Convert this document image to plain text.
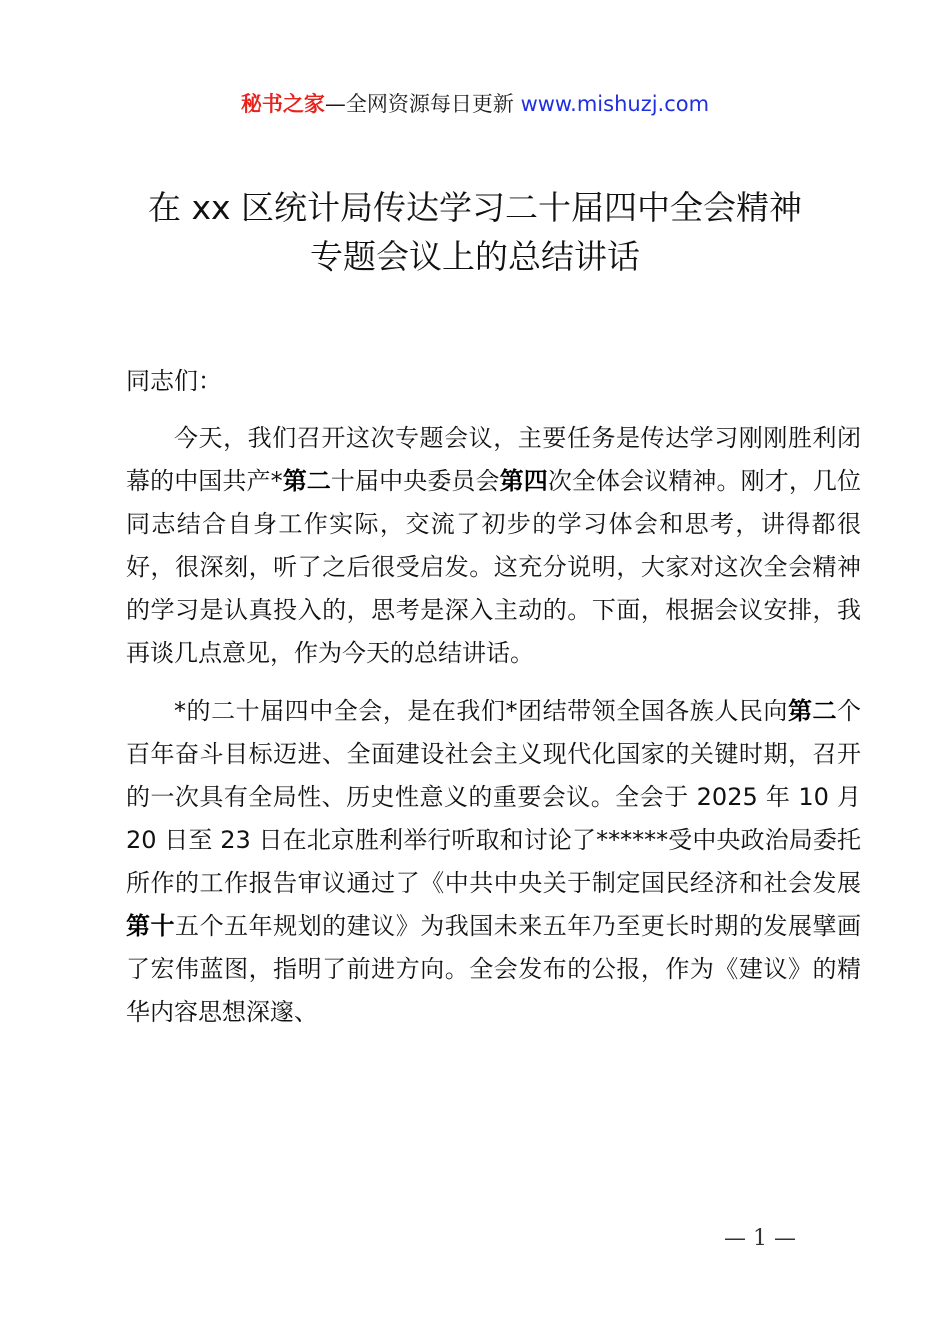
秘书之家—全网资源每日更新 www.mishuzj.com
在 xx 区统计局传达学习二十届四中全会精神
专题会议上的总结讲话

同志们：

今天，我们召开这次专题会议，主要任务是传达学习刚刚胜利闭幕的中国共产*第二十届中央委员会第四次全体会议精神。刚才，几位同志结合自身工作实际，交流了初步的学习体会和思考，讲得都很好，很深刻，听了之后很受启发。这充分说明，大家对这次全会精神的学习是认真投入的，思考是深入主动的。下面，根据会议安排，我再谈几点意见，作为今天的总结讲话。

*的二十届四中全会，是在我们*团结带领全国各族人民向第二个百年奋斗目标迈进、全面建设社会主义现代化国家的关键时期，召开的一次具有全局性、历史性意义的重要会议。全会于 2025 年 10 月 20 日至 23 日在北京胜利举行听取和讨论了******受中央政治局委托所作的工作报告审议通过了《中共中央关于制定国民经济和社会发展第十五个五年规划的建议》为我国未来五年乃至更长时期的发展擘画了宏伟蓝图，指明了前进方向。全会发布的公报，作为《建议》的精华内容思想深邃、

— 1 —
